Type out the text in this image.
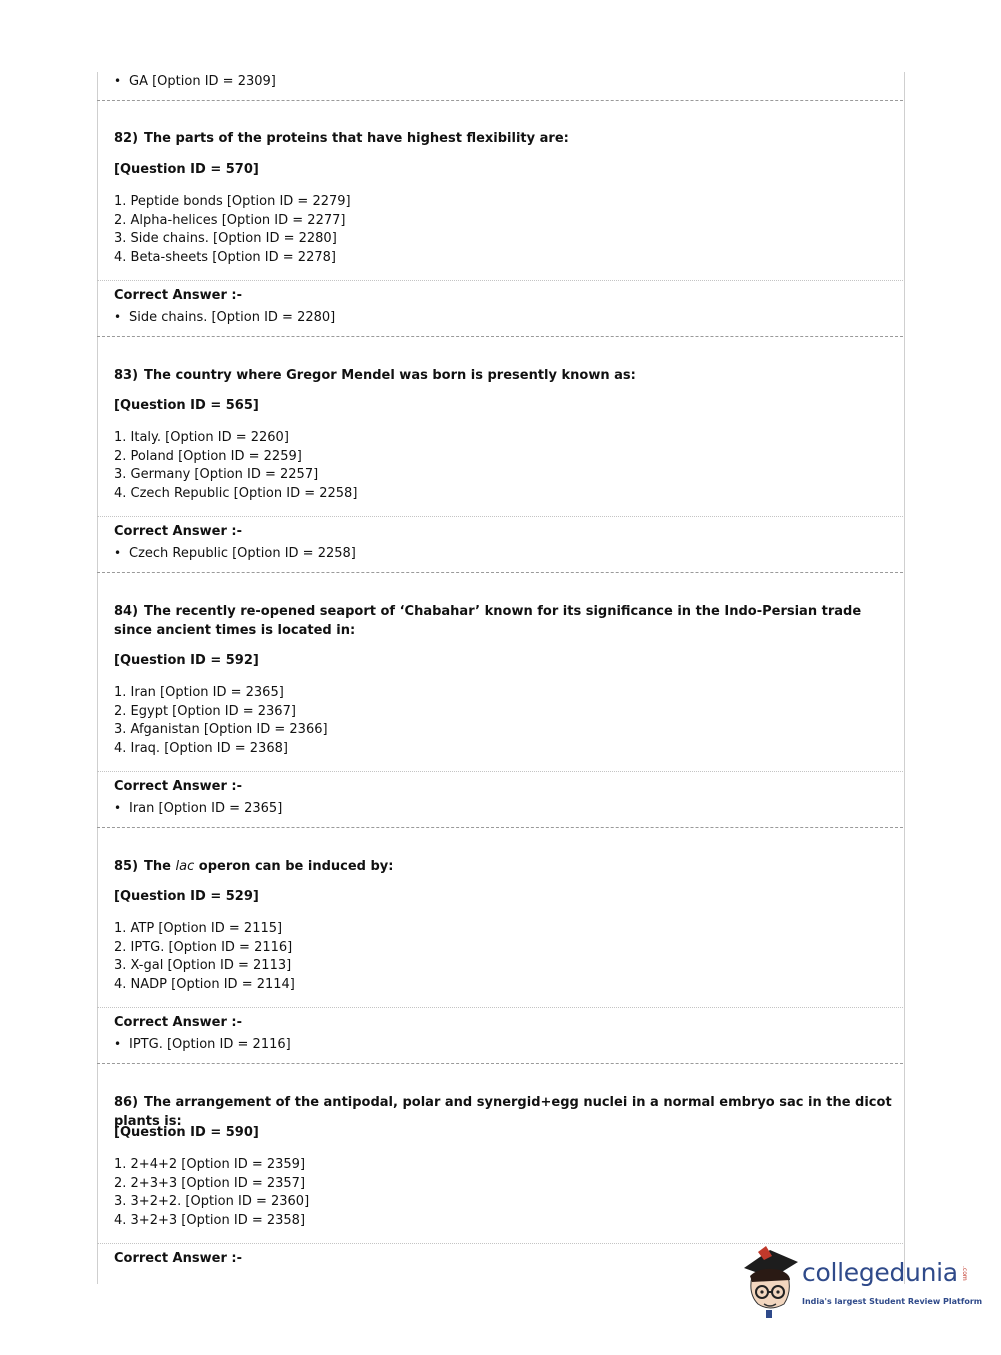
• GA [Option ID = 2309]
82) The parts of the proteins that have highest flexibility are:
[Question ID = 570]
1. Peptide bonds [Option ID = 2279]
2. Alpha-helices [Option ID = 2277]
3. Side chains. [Option ID = 2280]
4. Beta-sheets [Option ID = 2278]
Correct Answer :-
• Side chains. [Option ID = 2280]
83) The country where Gregor Mendel was born is presently known as:
[Question ID = 565]
1. Italy. [Option ID = 2260]
2. Poland [Option ID = 2259]
3. Germany [Option ID = 2257]
4. Czech Republic [Option ID = 2258]
Correct Answer :-
• Czech Republic [Option ID = 2258]
84) The recently re-opened seaport of ‘Chabahar’ known for its significance in the Indo-Persian trade since ancient times is located in:
[Question ID = 592]
1. Iran [Option ID = 2365]
2. Egypt [Option ID = 2367]
3. Afganistan [Option ID = 2366]
4. Iraq. [Option ID = 2368]
Correct Answer :-
• Iran [Option ID = 2365]
85) The lac operon can be induced by:
[Question ID = 529]
1. ATP [Option ID = 2115]
2. IPTG. [Option ID = 2116]
3. X-gal [Option ID = 2113]
4. NADP [Option ID = 2114]
Correct Answer :-
• IPTG. [Option ID = 2116]
86) The arrangement of the antipodal, polar and synergid+egg nuclei in a normal embryo sac in the dicot plants is:
[Question ID = 590]
1. 2+4+2 [Option ID = 2359]
2. 2+3+3 [Option ID = 2357]
3. 3+2+2. [Option ID = 2360]
4. 3+2+3 [Option ID = 2358]
Correct Answer :-	collegedunia .com
India's largest Student Review Platform
